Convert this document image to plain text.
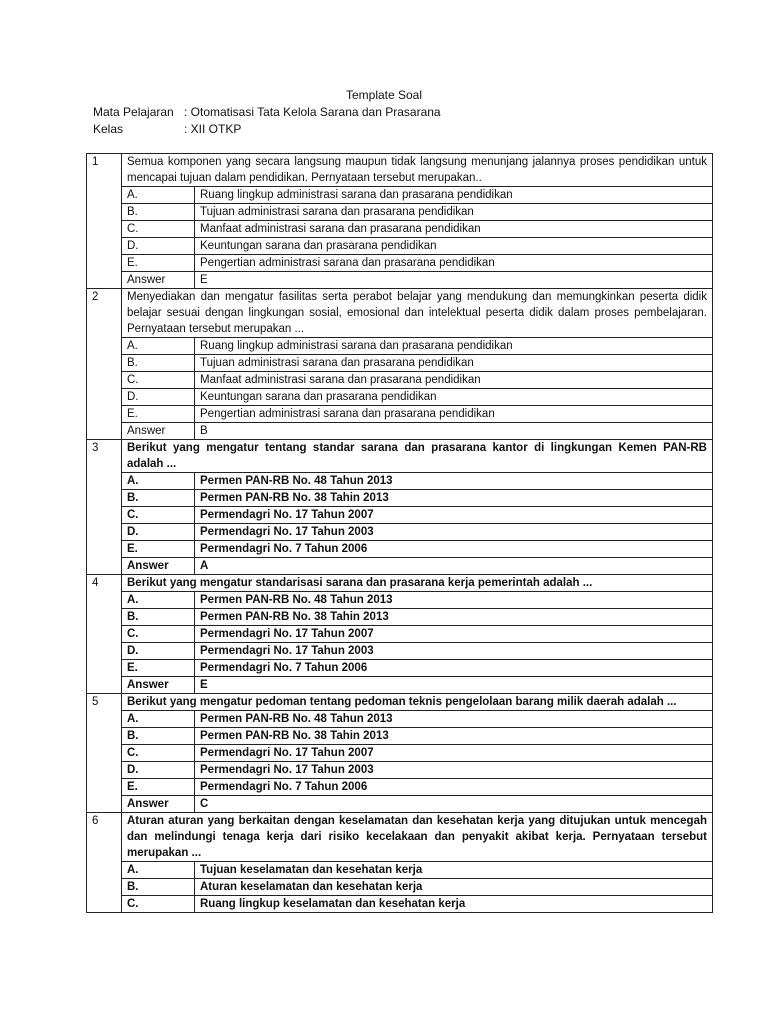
Template Soal
Mata Pelajaran : Otomatisasi Tata Kelola Sarana dan Prasarana
Kelas	: XII OTKP
1	Semua komponen yang secara langsung maupun tidak langsung menunjang jalannya proses pendidikan untuk mencapai tujuan dalam pendidikan. Pernyataan tersebut merupakan..	
	A.	Ruang lingkup administrasi sarana dan prasarana pendidikan
	B.	Tujuan administrasi sarana dan prasarana pendidikan
	C.	Manfaat administrasi sarana dan prasarana pendidikan
	D.	Keuntungan sarana dan prasarana pendidikan
	E.	Pengertian administrasi sarana dan prasarana pendidikan
	Answer	E
2	Menyediakan dan mengatur fasilitas serta perabot belajar yang mendukung dan memungkinkan peserta didik belajar sesuai dengan lingkungan sosial, emosional dan intelektual peserta didik dalam proses pembelajaran. Pernyataan tersebut merupakan ...	
	A.	Ruang lingkup administrasi sarana dan prasarana pendidikan
	B.	Tujuan administrasi sarana dan prasarana pendidikan
	C.	Manfaat administrasi sarana dan prasarana pendidikan
	D.	Keuntungan sarana dan prasarana pendidikan
	E.	Pengertian administrasi sarana dan prasarana pendidikan
	Answer	B
3	Berikut yang mengatur tentang standar sarana dan prasarana kantor di lingkungan Kemen PAN-RB adalah ...	
	A.	Permen PAN-RB No. 48 Tahun 2013
	B.	Permen PAN-RB No. 38 Tahin 2013
	C.	Permendagri No. 17 Tahun 2007
	D.	Permendagri No. 17 Tahun 2003
	E.	Permendagri No. 7 Tahun 2006
	Answer	A
4	Berikut yang mengatur standarisasi sarana dan prasarana kerja pemerintah adalah ...	
	A.	Permen PAN-RB No. 48 Tahun 2013
	B.	Permen PAN-RB No. 38 Tahin 2013
	C.	Permendagri No. 17 Tahun 2007
	D.	Permendagri No. 17 Tahun 2003
	E.	Permendagri No. 7 Tahun 2006
	Answer	E
5	Berikut yang mengatur pedoman tentang pedoman teknis pengelolaan barang milik daerah adalah ...	
	A.	Permen PAN-RB No. 48 Tahun 2013
	B.	Permen PAN-RB No. 38 Tahin 2013
	C.	Permendagri No. 17 Tahun 2007
	D.	Permendagri No. 17 Tahun 2003
	E.	Permendagri No. 7 Tahun 2006
	Answer	C
6	Aturan aturan yang berkaitan dengan keselamatan dan kesehatan kerja yang ditujukan untuk mencegah dan melindungi tenaga kerja dari risiko kecelakaan dan penyakit akibat kerja. Pernyataan tersebut merupakan ...	
	A.	Tujuan keselamatan dan kesehatan kerja
	B.	Aturan keselamatan dan kesehatan kerja
	C.	Ruang lingkup keselamatan dan kesehatan kerja
